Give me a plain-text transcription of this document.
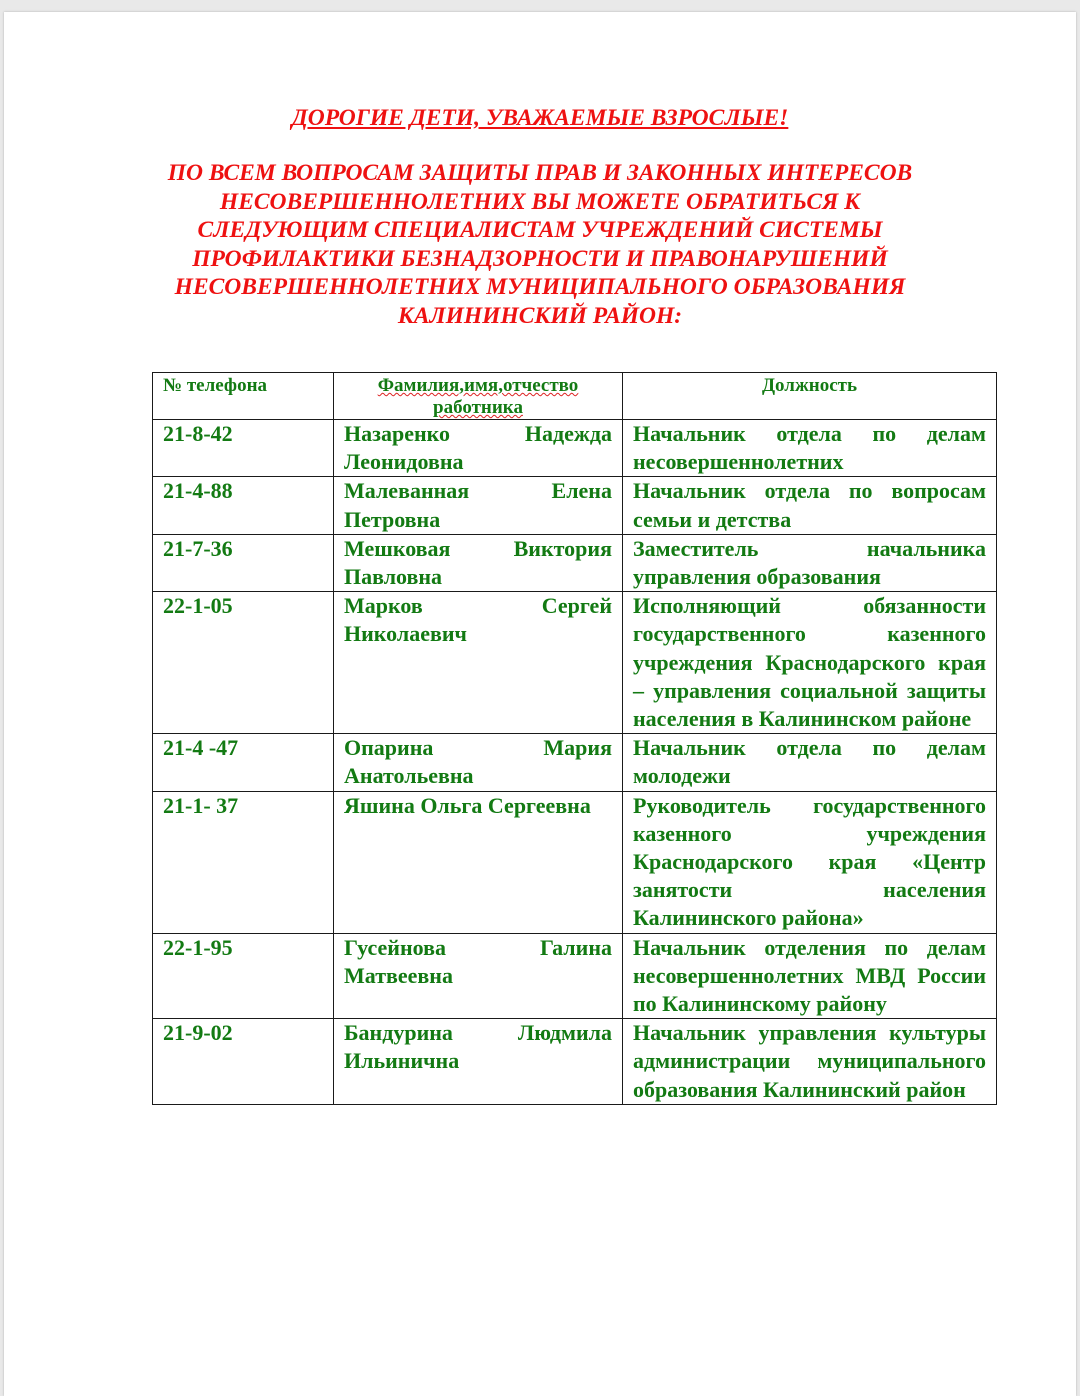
ДОРОГИЕ ДЕТИ, УВАЖАЕМЫЕ ВЗРОСЛЫЕ!
ПО ВСЕМ ВОПРОСАМ ЗАЩИТЫ ПРАВ И ЗАКОННЫХ ИНТЕРЕСОВ
НЕСОВЕРШЕННОЛЕТНИХ ВЫ МОЖЕТЕ ОБРАТИТЬСЯ К
СЛЕДУЮЩИМ СПЕЦИАЛИСТАМ УЧРЕЖДЕНИЙ СИСТЕМЫ
ПРОФИЛАКТИКИ БЕЗНАДЗОРНОСТИ И ПРАВОНАРУШЕНИЙ
НЕСОВЕРШЕННОЛЕТНИХ МУНИЦИПАЛЬНОГО ОБРАЗОВАНИЯ
КАЛИНИНСКИЙ РАЙОН:
№ телефона	Фамилия,имя,отчество работника	Должность
21-8-42	Назаренко Надежда Леонидовна	Начальник отдела по делам несовершеннолетних
21-4-88	Малеванная Елена Петровна	Начальник отдела по вопросам семьи и детства
21-7-36	Мешковая Виктория Павловна	Заместитель начальника управления образования
22-1-05	Марков Сергей Николаевич	Исполняющий обязанности государственного казенного учреждения Краснодарского края – управления социальной защиты населения в Калининском районе
21-4 -47	Опарина Мария Анатольевна	Начальник отдела по делам молодежи
21-1- 37	Яшина Ольга Сергеевна	Руководитель государственного казенного учреждения Краснодарского края «Центр занятости населения Калининского района»
22-1-95	Гусейнова Галина Матвеевна	Начальник отделения по делам несовершеннолетних МВД России по Калининскому району
21-9-02	Бандурина Людмила Ильинична	Начальник управления культуры администрации муниципального образования Калининский район
